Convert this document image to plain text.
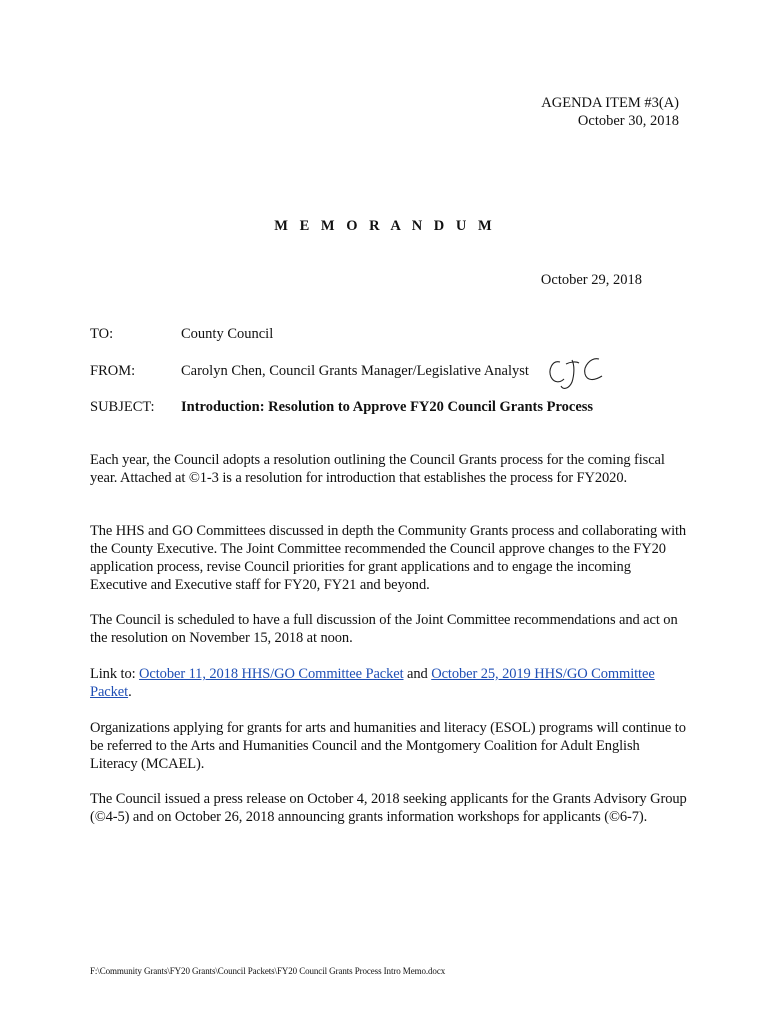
AGENDA ITEM #3(A)
October 30, 2018
M E M O R A N D U M
October 29, 2018
TO:	County Council
FROM:	Carolyn Chen, Council Grants Manager/Legislative Analyst
SUBJECT: Introduction: Resolution to Approve FY20 Council Grants Process
Each year, the Council adopts a resolution outlining the Council Grants process for the coming fiscal year. Attached at ©1-3 is a resolution for introduction that establishes the process for FY2020.
The HHS and GO Committees discussed in depth the Community Grants process and collaborating with the County Executive. The Joint Committee recommended the Council approve changes to the FY20 application process, revise Council priorities for grant applications and to engage the incoming Executive and Executive staff for FY20, FY21 and beyond.
The Council is scheduled to have a full discussion of the Joint Committee recommendations and act on the resolution on November 15, 2018 at noon.
Link to: October 11, 2018 HHS/GO Committee Packet and October 25, 2019 HHS/GO Committee Packet.
Organizations applying for grants for arts and humanities and literacy (ESOL) programs will continue to be referred to the Arts and Humanities Council and the Montgomery Coalition for Adult English Literacy (MCAEL).
The Council issued a press release on October 4, 2018 seeking applicants for the Grants Advisory Group (©4-5) and on October 26, 2018 announcing grants information workshops for applicants (©6-7).
F:\Community Grants\FY20 Grants\Council Packets\FY20 Council Grants Process Intro Memo.docx
